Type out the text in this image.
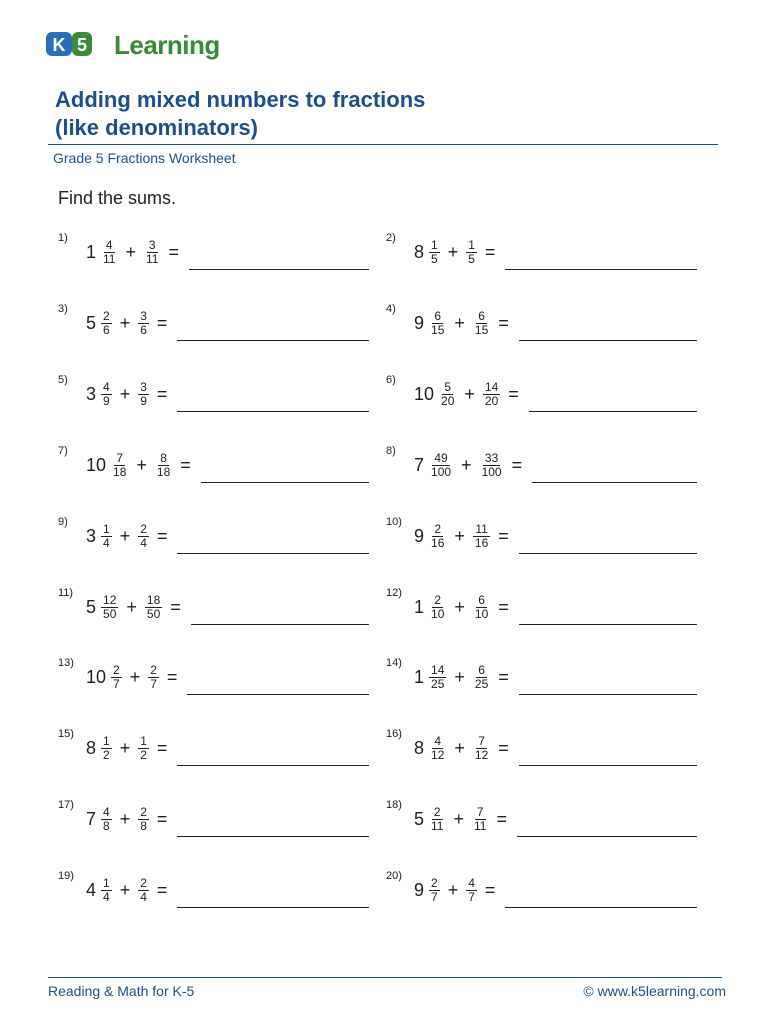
K 5 Learning
Adding mixed numbers to fractions
(like denominators)
Grade 5 Fractions Worksheet
Find the sums.
1)
$1 \frac{4}{11} + \frac{3}{11}$ =
2)
$8 \frac{1}{5} + \frac{1}{5}$ =
3)
$5 \frac{2}{6} + \frac{3}{6}$ =
4)
$9 \frac{6}{15} + \frac{6}{15}$ =
5)
$3 \frac{4}{9} + \frac{3}{9}$ =
6)
$10 \frac{5}{20} + \frac{14}{20}$ =
7)
$10 \frac{7}{18} + \frac{8}{18}$ =
8)
$7 \frac{49}{100} + \frac{33}{100}$ =
9)
$3 \frac{1}{4} + \frac{2}{4}$ =
10)
$9 \frac{2}{16} + \frac{11}{16}$ =
11)
$5 \frac{12}{50} + \frac{18}{50}$ =
12)
$1 \frac{2}{10} + \frac{6}{10}$ =
13)
$10 \frac{2}{7} + \frac{2}{7}$ =
14)
$1 \frac{14}{25} + \frac{6}{25}$ =
15)
$8 \frac{1}{2} + \frac{1}{2}$ =
16)
$8 \frac{4}{12} + \frac{7}{12}$ =
17)
$7 \frac{4}{8} + \frac{2}{8}$ =
18)
$5 \frac{2}{11} + \frac{7}{11}$ =
19)
$4 \frac{1}{4} + \frac{2}{4}$ =
20)
$9 \frac{2}{7} + \frac{4}{7}$ =
Reading & Math for K-5	© www.k5learning.com
